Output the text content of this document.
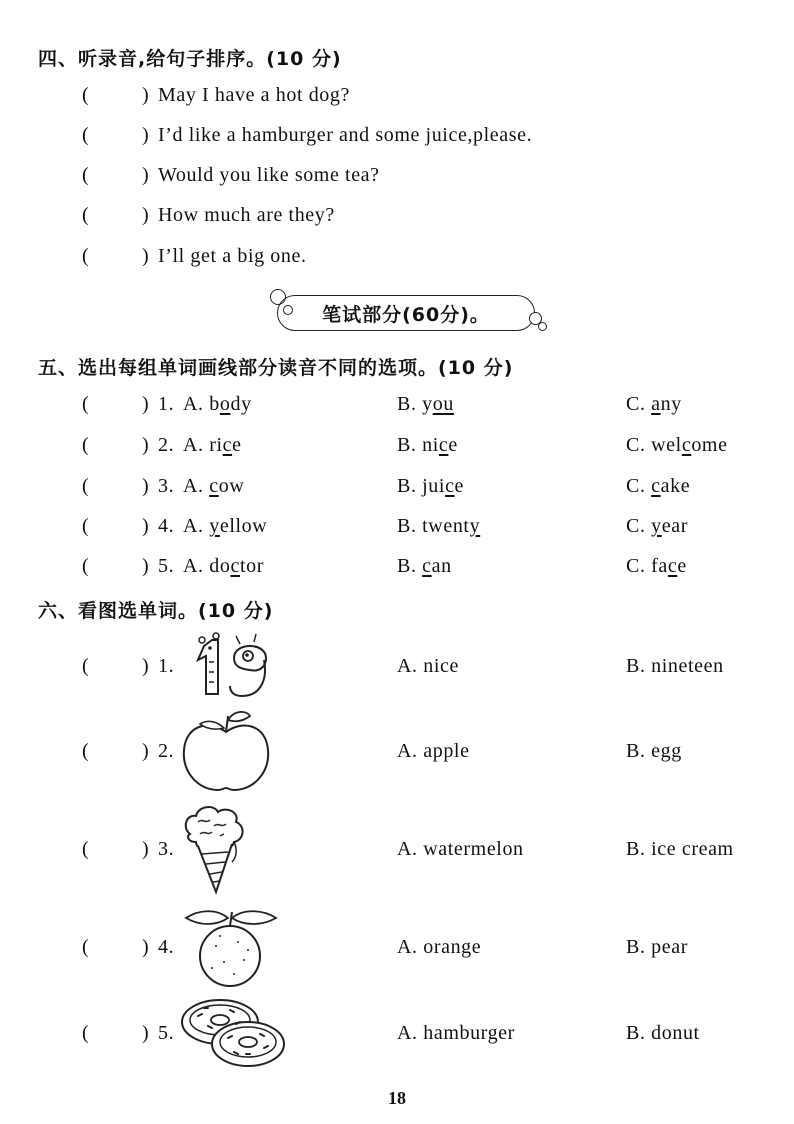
四、听录音,给句子排序。(10 分)
(	) May I have a hot dog?
(	) I’d like a hamburger and some juice,please.
(	) Would you like some tea?
(	) How much are they?
(	) I’ll get a big one.
笔试部分(60分)。
五、选出每组单词画线部分读音不同的选项。(10 分)
(	) 1. A. body	B. you	C. any
(	) 2. A. rice	B. nice	C. welcome
(	) 3. A. cow	B. juice	C. cake
(	) 4. A. yellow	B. twenty	C. year
(	) 5. A. doctor	B. can	C. face
六、看图选单词。(10 分)
(	) 1.	A. nice	B. nineteen
(	) 2.	A. apple	B. egg
(	) 3.	A. watermelon	B. ice cream
(	) 4.	A. orange	B. pear
(	) 5.	A. hamburger	B. donut
18
